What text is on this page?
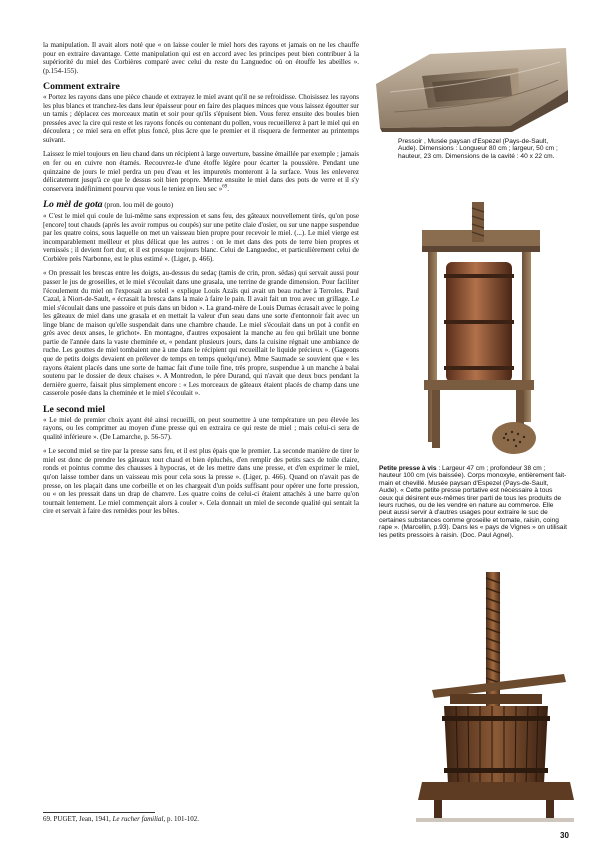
la manipulation. Il avait alors noté que « on laisse couler le miel hors des rayons et jamais on ne les chauffe pour en extraire davantage. Cette manipulation qui est en accord avec les principes peut bien contribuer à la supériorité du miel des Corbières comparé avec celui du reste du Languedoc où on étouffe les abeilles ». (p.154-155).

Comment extraire

« Portez les rayons dans une pièce chaude et extrayez le miel avant qu'il ne se refroidisse. Choisissez les rayons les plus blancs et tranchez-les dans leur épaisseur pour en faire des plaques minces que vous laissez égoutter sur un tamis ; déplacez ces morceaux matin et soir pour qu'ils s'épuisent bien. Vous ferez ensuite des boules bien pressées avec la cire qui reste et les rayons foncés ou contenant du pollen, vous recueillerez à part le miel qui en découlera ; ce miel sera en effet plus foncé, plus âcre que le premier et il risquera de fermenter au printemps suivant.

Laissez le miel toujours en lieu chaud dans un récipient à large ouverture, bassine émaillée par exemple ; jamais en fer ou en cuivre non étamés. Recouvrez-le d'une étoffe légère pour écarter la poussière. Pendant une quinzaine de jours le miel perdra un peu d'eau et les impuretés monteront à la surface. Vous les enleverez délicatement jusqu'à ce que le dessus soit bien propre. Mettez ensuite le miel dans des pots de verre et il s'y conservera indéfiniment pourvu que vous le teniez en lieu sec »$^{69}$.

Lo mèl de gota (pron. lou mèl de gouto)

« C'est le miel qui coule de lui-même sans expression et sans feu, des gâteaux nouvellement tirés, qu'on pose [encore] tout chauds (après les avoir rompus ou coupés) sur une petite claie d'osier, ou sur une nappe suspendue par les quatre coins, sous laquelle on met un vaisseau bien propre pour recevoir le miel. (...). Le miel vierge est incomparablement meilleur et plus délicat que les autres : on le met dans des pots de terre bien propres et vernissés ; il devient fort dur, et il est presque toujours blanc. Celui de Languedoc, et particulièrement celui de Corbière près Narbonne, est le plus estimé ». (Liger, p. 466).

« On pressait les brescas entre les doigts, au-dessus du sedaç (tamis de crin, pron. sédas) qui servait aussi pour passer le jus de groseilles, et le miel s'écoulait dans une grasala, une terrine de grande dimension. Pour faciliter l'écoulement du miel on l'exposait au soleil » explique Louis Azaïs qui avait un beau rucher à Terroles. Paul Cazal, à Niort-de-Sault, « écrasait la bresca dans la maie à faire le pain. Il avait fait un trou avec un grillage. Le miel s'écoulait dans une passoire et puis dans un bidon ». La grand-mère de Louis Dumas écrasait avec le poing les gâteaux de miel dans une grasala et en mettait la valeur d'un seau dans une sorte d'entonnoir fait avec un linge blanc de maison qu'elle suspendait dans une chambre chaude. Le miel s'écoulait dans un pot à confit en grès avec deux anses, le grichot». En montagne, d'autres exposaient la manche au feu qui brûlait une bonne partie de l'année dans la vaste cheminée et, « pendant plusieurs jours, dans la cuisine régnait une ambiance de ruche. Les gouttes de miel tombaient une à une dans le récipient qui recueillait le liquide précieux ». (Gageons que de petits doigts devaient en prélever de temps en temps quelqu'une). Mme Saumade se souvient que « les rayons étaient placés dans une sorte de hamac fait d'une toile fine, très propre, suspendue à un manche à balai soutenu par le dossier de deux chaises ». A Montredon, le père Durand, qui n'avait que deux bucs pendant la dernière guerre, faisait plus simplement encore : « Les morceaux de gâteaux étaient placés de champ dans une casserole posée dans la cheminée et le miel s'écoulait ».

Le second miel

« Le miel de premier choix ayant été ainsi recueilli, on peut soumettre à une température un peu élevée les rayons, ou les comprimer au moyen d'une presse qui en extraira ce qui reste de miel ; mais celui-ci sera de qualité inférieure ». (De Lamarche, p. 56-57).

« Le second miel se tire par la presse sans feu, et il est plus épais que le premier. La seconde manière de tirer le miel est donc de prendre les gâteaux tout chaud et bien épluchés, d'en remplir des petits sacs de toile claire, ronds et pointus comme des chausses à hypocras, et de les mettre dans une presse, et d'en exprimer le miel, qu'on laisse tomber dans un vaisseau mis pour cela sous la presse ». (Liger, p. 466). Quand on n'avait pas de presse, on les plaçait dans une corbeille et on les chargeait d'un poids suffisant pour opérer une forte pression, ou « on les pressait dans un drap de chanvre. Les quatre coins de celui-ci étaient attachés à une barre qu'on tournait lentement. Le miel commençait alors à couler ». Cela donnait un miel de seconde qualité qui sentait la cire et servait à faire des remèdes pour les bêtes.

Pressoir , Musée paysan d'Espezel (Pays-de-Sault, Aude). Dimensions : Longueur 80 cm ; largeur, 50 cm ; hauteur, 23 cm. Dimensions de la cavité : 40 x 22 cm.
Petite presse à vis : Largeur 47 cm ; profondeur 38 cm ; hauteur 100 cm (vis baissée). Corps monoxyle, entièrement fait-main et chevillé. Musée paysan d'Espezel (Pays-de-Sault, Aude). « Cette petite presse portative est nécessaire à tous ceux qui désirent eux-mêmes tirer parti de tous les produits de leurs ruches, ou de les vendre en nature au commerce. Elle peut aussi servir à d'autres usages pour extraire le suc de certaines substances comme groseille et tomate, raisin, coing rape ». (Marcellin, p.93). Dans les « pays de Vignes » on utilisait les petits pressoirs à raisin. (Doc. Paul Agnel).
69. PUGET, Jean, 1941, Le rucher familial, p. 101-102.
30
